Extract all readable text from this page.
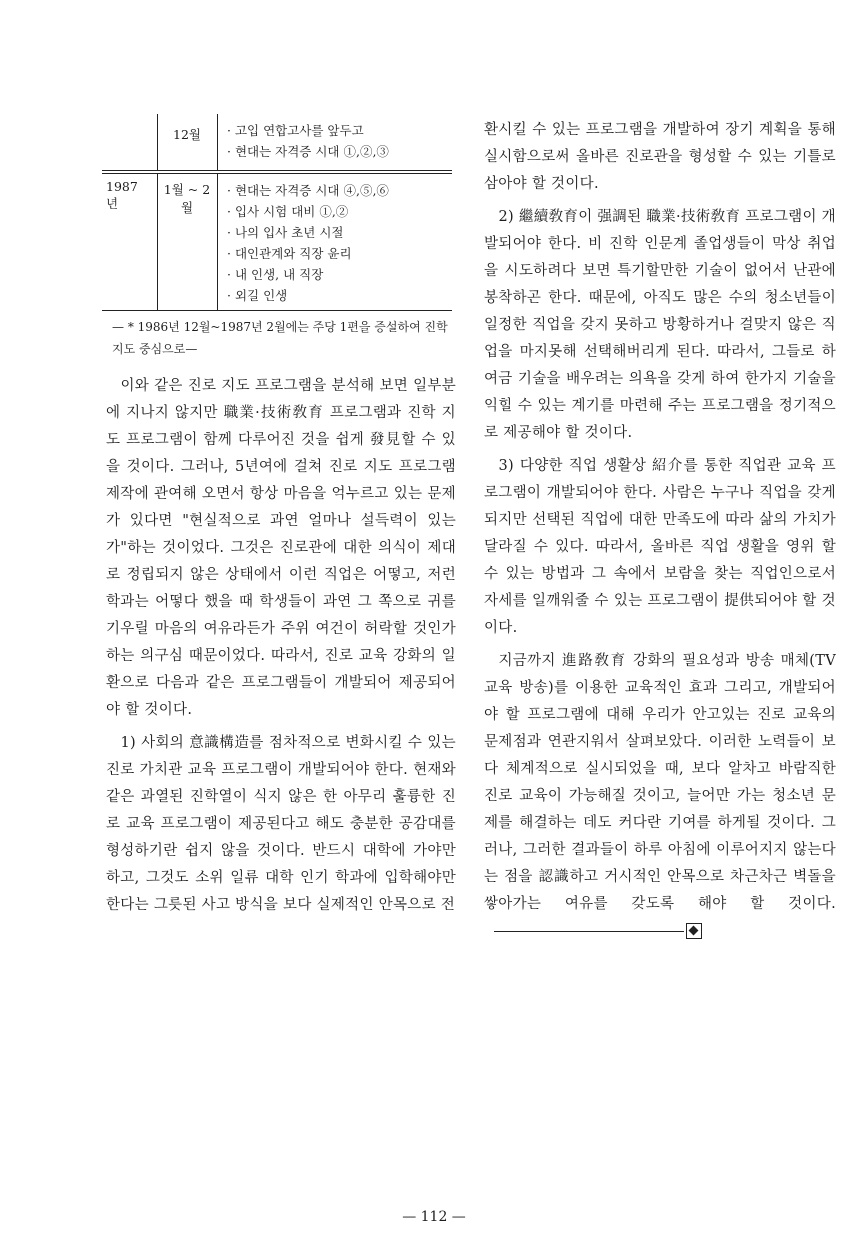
12월	· 고입 연합고사를 앞두고
· 현대는 자격증 시대 ①,②,③
1987년
1월 ~ 2월
· 현대는 자격증 시대 ④,⑤,⑥
· 입사 시험 대비 ①,②
· 나의 입사 초년 시절
· 대인관계와 직장 윤리
· 내 인생, 내 직장
· 외길 인생
— * 1986년 12월~1987년 2월에는 주당 1편을 증설하여 진학 지도 중심으로—

이와 같은 진로 지도 프로그램을 분석해 보면 일부분에 지나지 않지만 職業·技術敎育 프로그램과 진학 지도 프로그램이 함께 다루어진 것을 쉽게 發見할 수 있을 것이다. 그러나, 5년여에 걸쳐 진로 지도 프로그램 제작에 관여해 오면서 항상 마음을 억누르고 있는 문제가 있다면 "현실적으로 과연 얼마나 설득력이 있는가"하는 것이었다. 그것은 진로관에 대한 의식이 제대로 정립되지 않은 상태에서 이런 직업은 어떻고, 저런 학과는 어떻다 했을 때 학생들이 과연 그 쪽으로 귀를 기우릴 마음의 여유라든가 주위 여건이 허락할 것인가 하는 의구심 때문이었다. 따라서, 진로 교육 강화의 일환으로 다음과 같은 프로그램들이 개발되어 제공되어야 할 것이다.

1) 사회의 意識構造를 점차적으로 변화시킬 수 있는 진로 가치관 교육 프로그램이 개발되어야 한다. 현재와 같은 과열된 진학열이 식지 않은 한 아무리 훌륭한 진로 교육 프로그램이 제공된다고 해도 충분한 공감대를 형성하기란 쉽지 않을 것이다. 반드시 대학에 가야만 하고, 그것도 소위 일류 대학 인기 학과에 입학해야만 한다는 그릇된 사고 방식을 보다 실제적인 안목으로 전

환시킬 수 있는 프로그램을 개발하여 장기 계획을 통해 실시함으로써 올바른 진로관을 형성할 수 있는 기틀로 삼아야 할 것이다.

2) 繼續敎育이 强調된 職業·技術敎育 프로그램이 개발되어야 한다. 비 진학 인문계 졸업생들이 막상 취업을 시도하려다 보면 특기할만한 기술이 없어서 난관에 봉착하곤 한다. 때문에, 아직도 많은 수의 청소년들이 일정한 직업을 갖지 못하고 방황하거나 걸맞지 않은 직업을 마지못해 선택해버리게 된다. 따라서, 그들로 하여금 기술을 배우려는 의욕을 갖게 하여 한가지 기술을 익힐 수 있는 계기를 마련해 주는 프로그램을 정기적으로 제공해야 할 것이다.

3) 다양한 직업 생활상 紹介를 통한 직업관 교육 프로그램이 개발되어야 한다. 사람은 누구나 직업을 갖게 되지만 선택된 직업에 대한 만족도에 따라 삶의 가치가 달라질 수 있다. 따라서, 올바른 직업 생활을 영위 할 수 있는 방법과 그 속에서 보람을 찾는 직업인으로서 자세를 일깨워줄 수 있는 프로그램이 提供되어야 할 것이다.

지금까지 進路敎育 강화의 필요성과 방송 매체(TV 교육 방송)를 이용한 교육적인 효과 그리고, 개발되어야 할 프로그램에 대해 우리가 안고있는 진로 교육의 문제점과 연관지워서 살펴보았다. 이러한 노력들이 보다 체계적으로 실시되었을 때, 보다 알차고 바람직한 진로 교육이 가능해질 것이고, 늘어만 가는 청소년 문제를 해결하는 데도 커다란 기여를 하게될 것이다. 그러나, 그러한 결과들이 하루 아침에 이루어지지 않는다는 점을 認識하고 거시적인 안목으로 차근차근 벽돌을 쌓아가는 여유를 갖도록 해야 할 것이다.

— 112 —
